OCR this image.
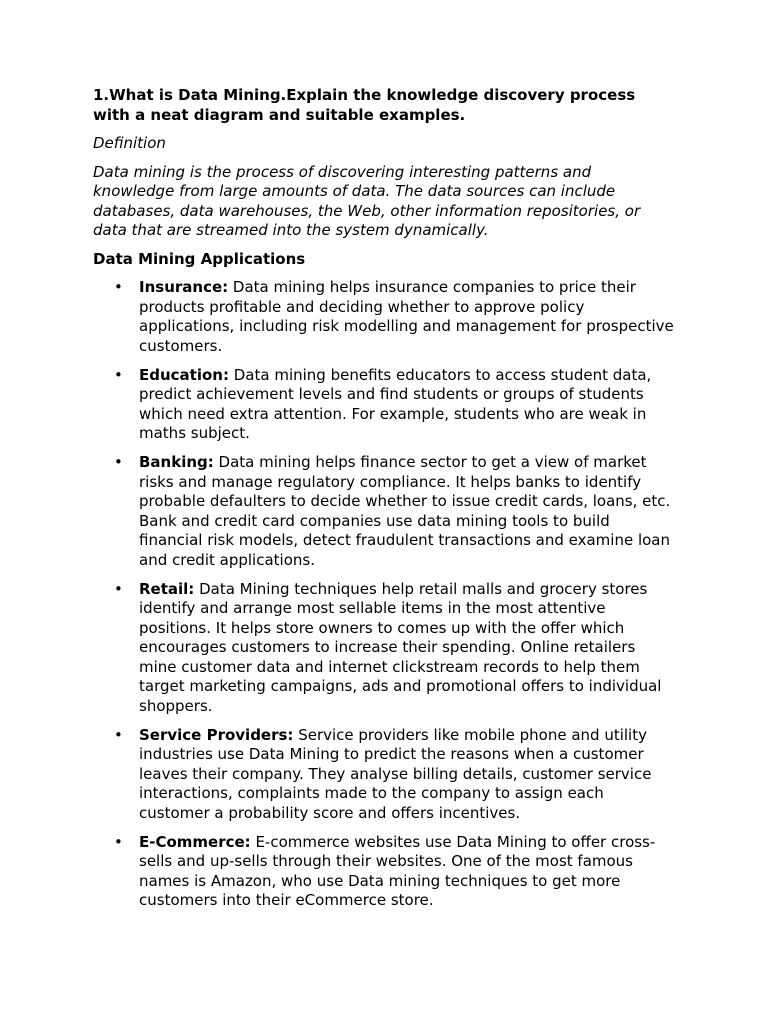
1.What is Data Mining.Explain the knowledge discovery process with a neat diagram and suitable examples.

Definition

Data mining is the process of discovering interesting patterns and knowledge from large amounts of data. The data sources can include databases, data warehouses, the Web, other information repositories, or data that are streamed into the system dynamically.

Data Mining Applications

• Insurance: Data mining helps insurance companies to price their products profitable and deciding whether to approve policy applications, including risk modelling and management for prospective customers.
• Education: Data mining benefits educators to access student data, predict achievement levels and find students or groups of students which need extra attention. For example, students who are weak in maths subject.
• Banking: Data mining helps finance sector to get a view of market risks and manage regulatory compliance. It helps banks to identify probable defaulters to decide whether to issue credit cards, loans, etc. Bank and credit card companies use data mining tools to build financial risk models, detect fraudulent transactions and examine loan and credit applications.
• Retail: Data Mining techniques help retail malls and grocery stores identify and arrange most sellable items in the most attentive positions. It helps store owners to comes up with the offer which encourages customers to increase their spending. Online retailers mine customer data and internet clickstream records to help them target marketing campaigns, ads and promotional offers to individual shoppers.
• Service Providers: Service providers like mobile phone and utility industries use Data Mining to predict the reasons when a customer leaves their company. They analyse billing details, customer service interactions, complaints made to the company to assign each customer a probability score and offers incentives.
• E-Commerce: E-commerce websites use Data Mining to offer cross-sells and up-sells through their websites. One of the most famous names is Amazon, who use Data mining techniques to get more customers into their eCommerce store.
